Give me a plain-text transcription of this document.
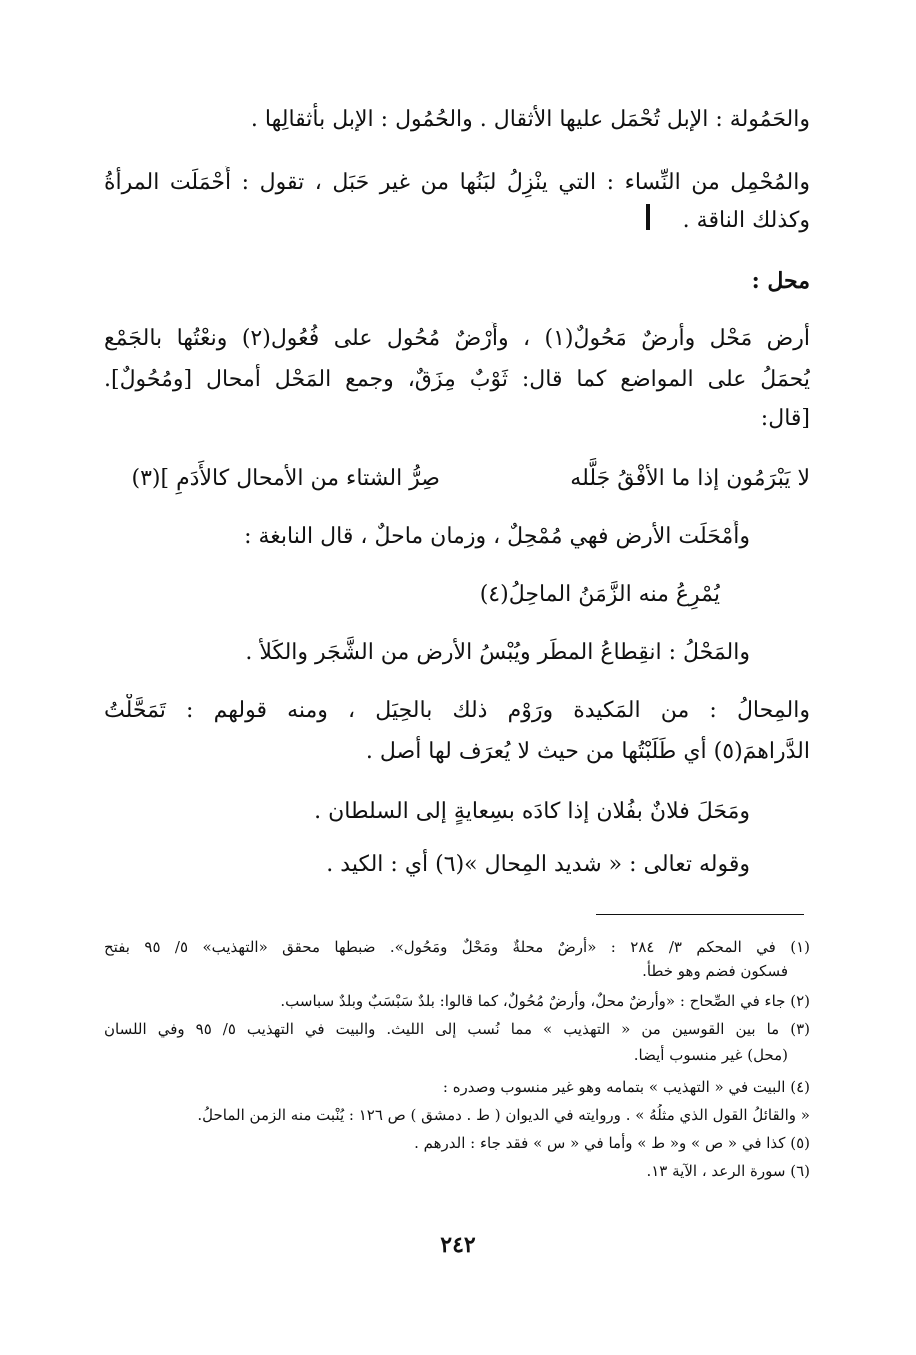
والحَمُولة : الإبل تُحْمَل عليها الأثقال . والحُمُول : الإبل بأثقالِها .
والمُحْمِل من النِّساء : التي ينْزِلُ لبَنُها من غير حَبَل ، تقول : أَحْمَلَت المرأةُ
وكذلك الناقة .
محل :
أرض مَحْل وأرضٌ مَحُولٌ(١) ، وأَرْضٌ مُحُول على فُعُول(٢) ونعْتُها بالجَمْع
يُحمَلُ على المواضع كما قال: ثَوْبٌ مِزَقٌ، وجمع المَحْل أمحال [ومُحُولٌ].
[قال:
لا يَبْرَمُون إذا ما الأفْقُ جَلَّله
صِرُّ الشتاء من الأمحال كالأَدَمِ ](٣)
وأَمْحَلَت الأرض فهي مُمْحِلٌ ، وزمان ماحلٌ ، قال النابغة :
يُمْرِعُ منه الزَّمَنُ الماحِلُ(٤)
والمَحْلُ : انقِطاعُ المطَر ويُبْسُ الأرض من الشَّجَر والكَلأ .
والمِحالُ : من المَكيدة ورَوْم ذلك بالحِيَل ، ومنه قولهم : تَمَحَّلْتُ
الدَّراهمَ(٥) أي طَلَبْتُها من حيث لا يُعرَف لها أصل .
ومَحَلَ فلانٌ بفُلان إذا كادَه بسِعايةٍ إلى السلطان .
وقوله تعالى : « شديد المِحال »(٦) أي : الكيد .
(١) في المحكم ٣/ ٢٨٤ : «أرضٌ محلةٌ ومَحْلٌ ومَحُول». ضبطها محقق «التهذيب» ٥/ ٩٥ بفتح
فسكون فضم وهو خطأ.
(٢) جاء في الصِّحاح : «وأرضٌ محلٌ، وأرضٌ مُحُولٌ، كما قالوا: بلدٌ سَبْسَبٌ وبلدٌ سباسب.
(٣) ما بين القوسين من « التهذيب » مما نُسب إلى الليث. والبيت في التهذيب ٥/ ٩٥ وفي اللسان
(محل) غير منسوب أيضا.
(٤) البيت في « التهذيب » بتمامه وهو غير منسوب وصدره :
« والقائلُ القول الذي مثلُهُ » . وروايته في الديوان ( ط . دمشق ) ص ١٢٦ : يُنْبت منه الزمن الماحلُ.
(٥) كذا في « ص » و« ط » وأما في « س » فقد جاء : الدرهم .
(٦) سورة الرعد ، الآية ١٣.
٢٤٢
